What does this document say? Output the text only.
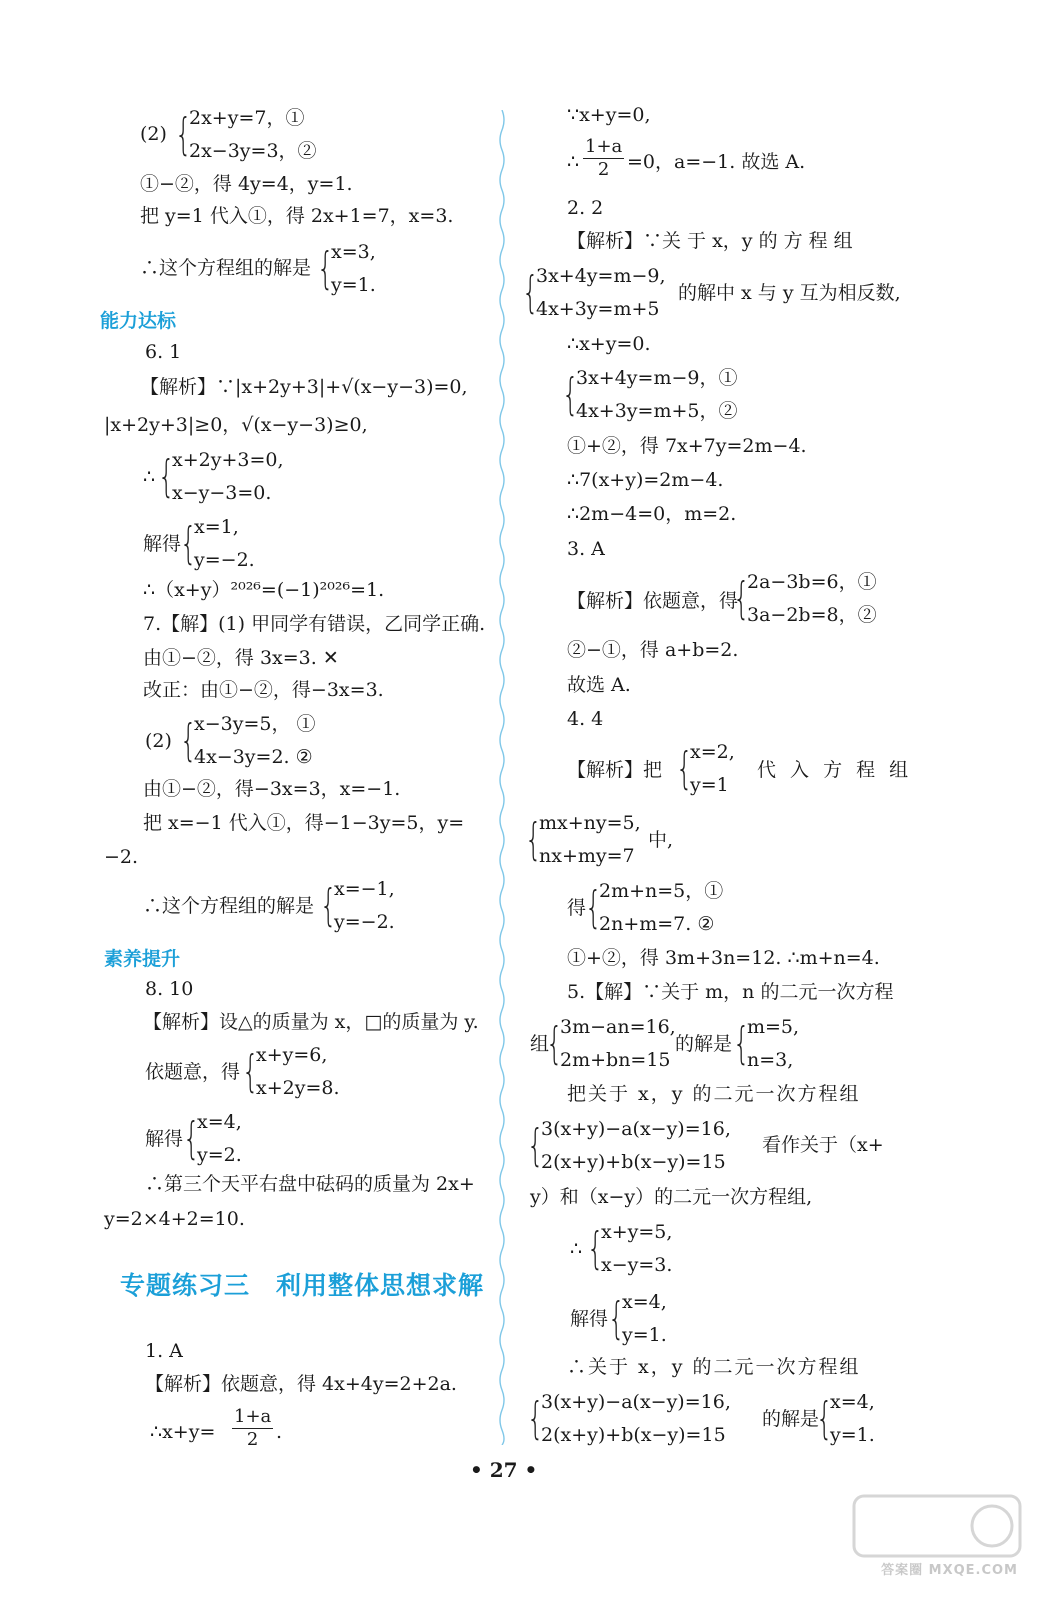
(2) {
2x+y=7，①
2x−3y=3，②
①−②，得 4y=4，y=1.
把 y=1 代入①，得 2x+1=7，x=3.
∴这个方程组的解是 {
x=3,
y=1.
能力达标
6. 1
【解析】∵|x+2y+3|+√(x−y−3)=0,
|x+2y+3|≥0，√(x−y−3)≥0,
∴ {
x+2y+3=0,
x−y−3=0.
解得
{
x=1,
y=−2.
∴（x+y）²⁰²⁶=(−1)²⁰²⁶=1.
7.【解】(1) 甲同学有错误，乙同学正确.
由①−②，得 3x=3. ✕
改正：由①−②，得−3x=3.
(2) {
x−3y=5， ①
4x−3y=2. ②
由①−②，得−3x=3，x=−1.
把 x=−1 代入①，得−1−3y=5，y=
−2.
∴这个方程组的解是 {
x=−1,
y=−2.
素养提升
8. 10
【解析】设△的质量为 x，□的质量为 y.
依题意，得 {
x+y=6,
x+2y=8.
解得 {
x=4,
y=2.
∴第三个天平右盘中砝码的质量为 2x+
y=2×4+2=10.
专题练习三　利用整体思想求解
1. A
【解析】依题意，得 4x+4y=2+2a.
∴x+y= $\frac{1+a}{2}$ .
∵x+y=0,
∴ $\frac{1+a}{2} =0$，a=−1. 故选 A.
2. 2
【解析】∵关 于 x，y 的 方 程 组
{
3x+4y=m−9,
4x+3y=m+5
的解中 x 与 y 互为相反数,
∴x+y=0.
{
3x+4y=m−9，①
4x+3y=m+5，②
①+②，得 7x+7y=2m−4.
∴7(x+y)=2m−4.
∴2m−4=0，m=2.
3. A
【解析】依题意，得
{
2a−3b=6，①
3a−2b=8，②
②−①，得 a+b=2.
故选 A.
4. 4
【解析】把 {
x=2,
y=1
代 入 方 程 组
{
mx+ny=5,
nx+my=7
中,
得
{
2m+n=5，①
2n+m=7. ②
①+②，得 3m+3n=12. ∴m+n=4.
5.【解】∵关于 m，n 的二元一次方程
组
{
3m−an=16,
2m+bn=15
的解是 {
m=5,
n=3,
把关于 x，y 的二元一次方程组
{
3(x+y)−a(x−y)=16,
2(x+y)+b(x−y)=15
看作关于（x+
y）和（x−y）的二元一次方程组,
∴ {
x+y=5,
x−y=3.
解得 {
x=4,
y=1.
∴关于 x，y 的二元一次方程组
{
3(x+y)−a(x−y)=16,
2(x+y)+b(x−y)=15
的解是
{
x=4,
y=1.
• 27 •
答案圈 MXQE.COM
